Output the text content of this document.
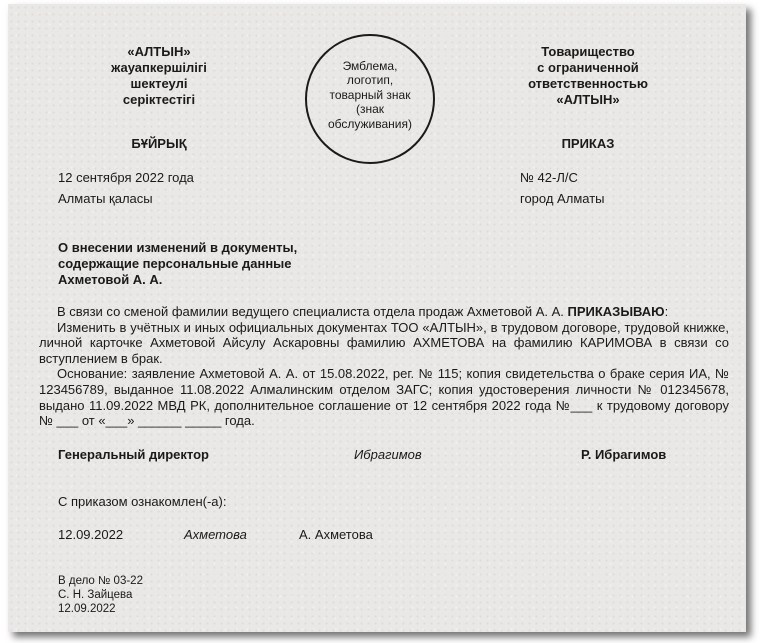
«АЛТЫН»
жауапкершілігі
шектеулі
серіктестігі
Эмблема, логотип, товарный знак (знак обслуживания)
Товарищество
с ограниченной
ответственностью
«АЛТЫН»
БҰЙРЫҚ	ПРИКАЗ
12 сентября 2022 года	№ 42-Л/С
Алматы қаласы	город Алматы
О внесении изменений в документы,
содержащие персональные данные
Ахметовой А. А.

В связи со сменой фамилии ведущего специалиста отдела продаж Ахметовой А. А. ПРИКАЗЫВАЮ:

Изменить в учётных и иных официальных документах ТОО «АЛТЫН», в трудовом договоре, трудовой книжке, личной карточке Ахметовой Айсулу Аскаровны фамилию АХМЕТОВА на фамилию КАРИМОВА в связи со вступлением в брак.

Основание: заявление Ахметовой А. А. от 15.08.2022, рег. № 115; копия свидетельства о браке серия ИА, № 123456789, выданное 11.08.2022 Алмалинским отделом ЗАГС; копия удостоверения личности № 012345678, выдано 11.09.2022 МВД РК, дополнительное соглашение от 12 сентября 2022 года №___ к трудовому договору № ___ от «___» ______ _____ года.

Генеральный директор	Ибрагимов	Р. Ибрагимов
С приказом ознакомлен(-а):
12.09.2022	Ахметова	А. Ахметова
В дело № 03-22
С. Н. Зайцева
12.09.2022
